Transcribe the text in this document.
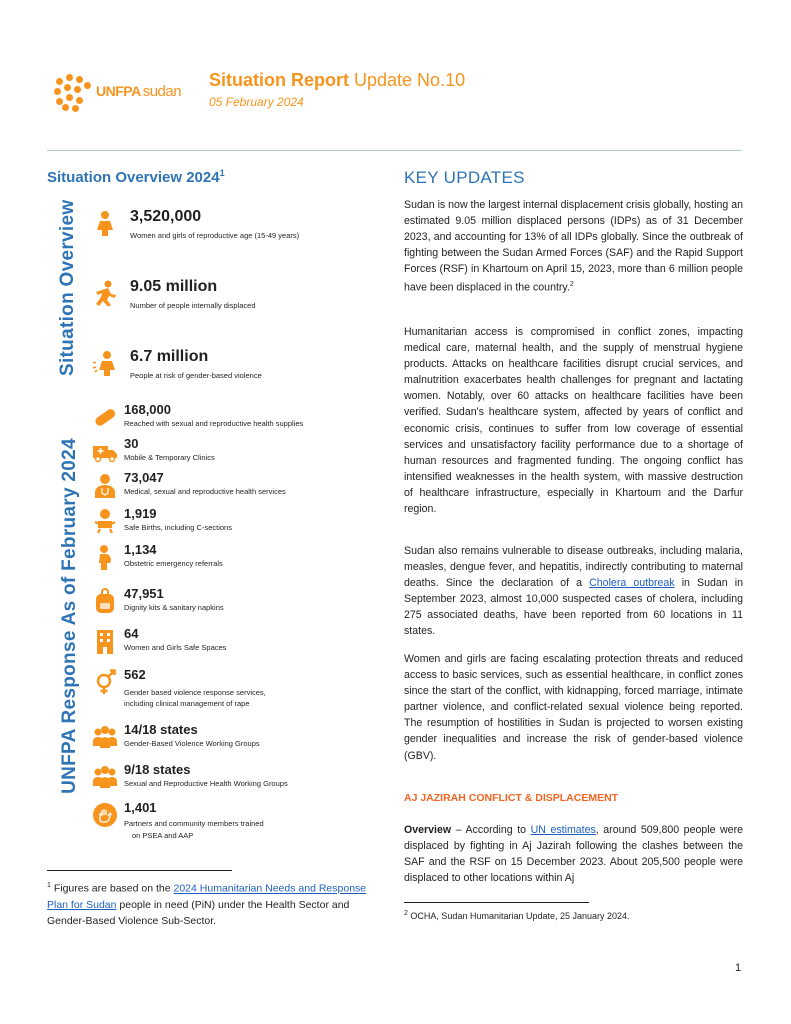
UNFPA sudan
Situation Report Update No.10
05 February 2024
Situation Overview 2024$^1$
Situation Overview
UNFPA Response As of February 2024
3,520,000
Women and girls of reproductive age (15-49 years)
9.05 million
Number of people internally displaced
6.7 million
People at risk of gender-based violence
168,000
Reached with sexual and reproductive health supplies
30
Mobile & Temporary Clinics
73,047
Medical, sexual and reproductive health services
1,919
Safe Births, including C-sections
1,134
Obstetric emergency referrals
47,951
Dignity kits & sanitary napkins
64
Women and Girls Safe Spaces
562
Gender based violence response services,
including clinical management of rape
14/18 states
Gender-Based Violence Working Groups
9/18 states
Sexual and Reproductive Health Working Groups
1,401
Partners and community members trained
on PSEA and AAP
$^1$ Figures are based on the 2024 Humanitarian Needs and Response Plan for Sudan people in need (PiN) under the Health Sector and Gender-Based Violence Sub-Sector.
KEY UPDATES

Sudan is now the largest internal displacement crisis globally, hosting an estimated 9.05 million displaced persons (IDPs) as of 31 December 2023, and accounting for 13% of all IDPs globally. Since the outbreak of fighting between the Sudan Armed Forces (SAF) and the Rapid Support Forces (RSF) in Khartoum on April 15, 2023, more than 6 million people have been displaced in the country.$^2$

Humanitarian access is compromised in conflict zones, impacting medical care, maternal health, and the supply of menstrual hygiene products. Attacks on healthcare facilities disrupt crucial services, and malnutrition exacerbates health challenges for pregnant and lactating women. Notably, over 60 attacks on healthcare facilities have been verified. Sudan's healthcare system, affected by years of conflict and economic crisis, continues to suffer from low coverage of essential services and unsatisfactory facility performance due to a shortage of human resources and fragmented funding. The ongoing conflict has intensified weaknesses in the health system, with massive destruction of healthcare infrastructure, especially in Khartoum and the Darfur region.

Sudan also remains vulnerable to disease outbreaks, including malaria, measles, dengue fever, and hepatitis, indirectly contributing to maternal deaths. Since the declaration of a Cholera outbreak in Sudan in September 2023, almost 10,000 suspected cases of cholera, including 275 associated deaths, have been reported from 60 locations in 11 states.

Women and girls are facing escalating protection threats and reduced access to basic services, such as essential healthcare, in conflict zones since the start of the conflict, with kidnapping, forced marriage, intimate partner violence, and conflict-related sexual violence being reported. The resumption of hostilities in Sudan is projected to worsen existing gender inequalities and increase the risk of gender-based violence (GBV).

AJ JAZIRAH CONFLICT & DISPLACEMENT

Overview – According to UN estimates, around 509,800 people were displaced by fighting in Aj Jazirah following the clashes between the SAF and the RSF on 15 December 2023. About 205,500 people were displaced to other locations within Aj

$^2$ OCHA, Sudan Humanitarian Update, 25 January 2024.
1
